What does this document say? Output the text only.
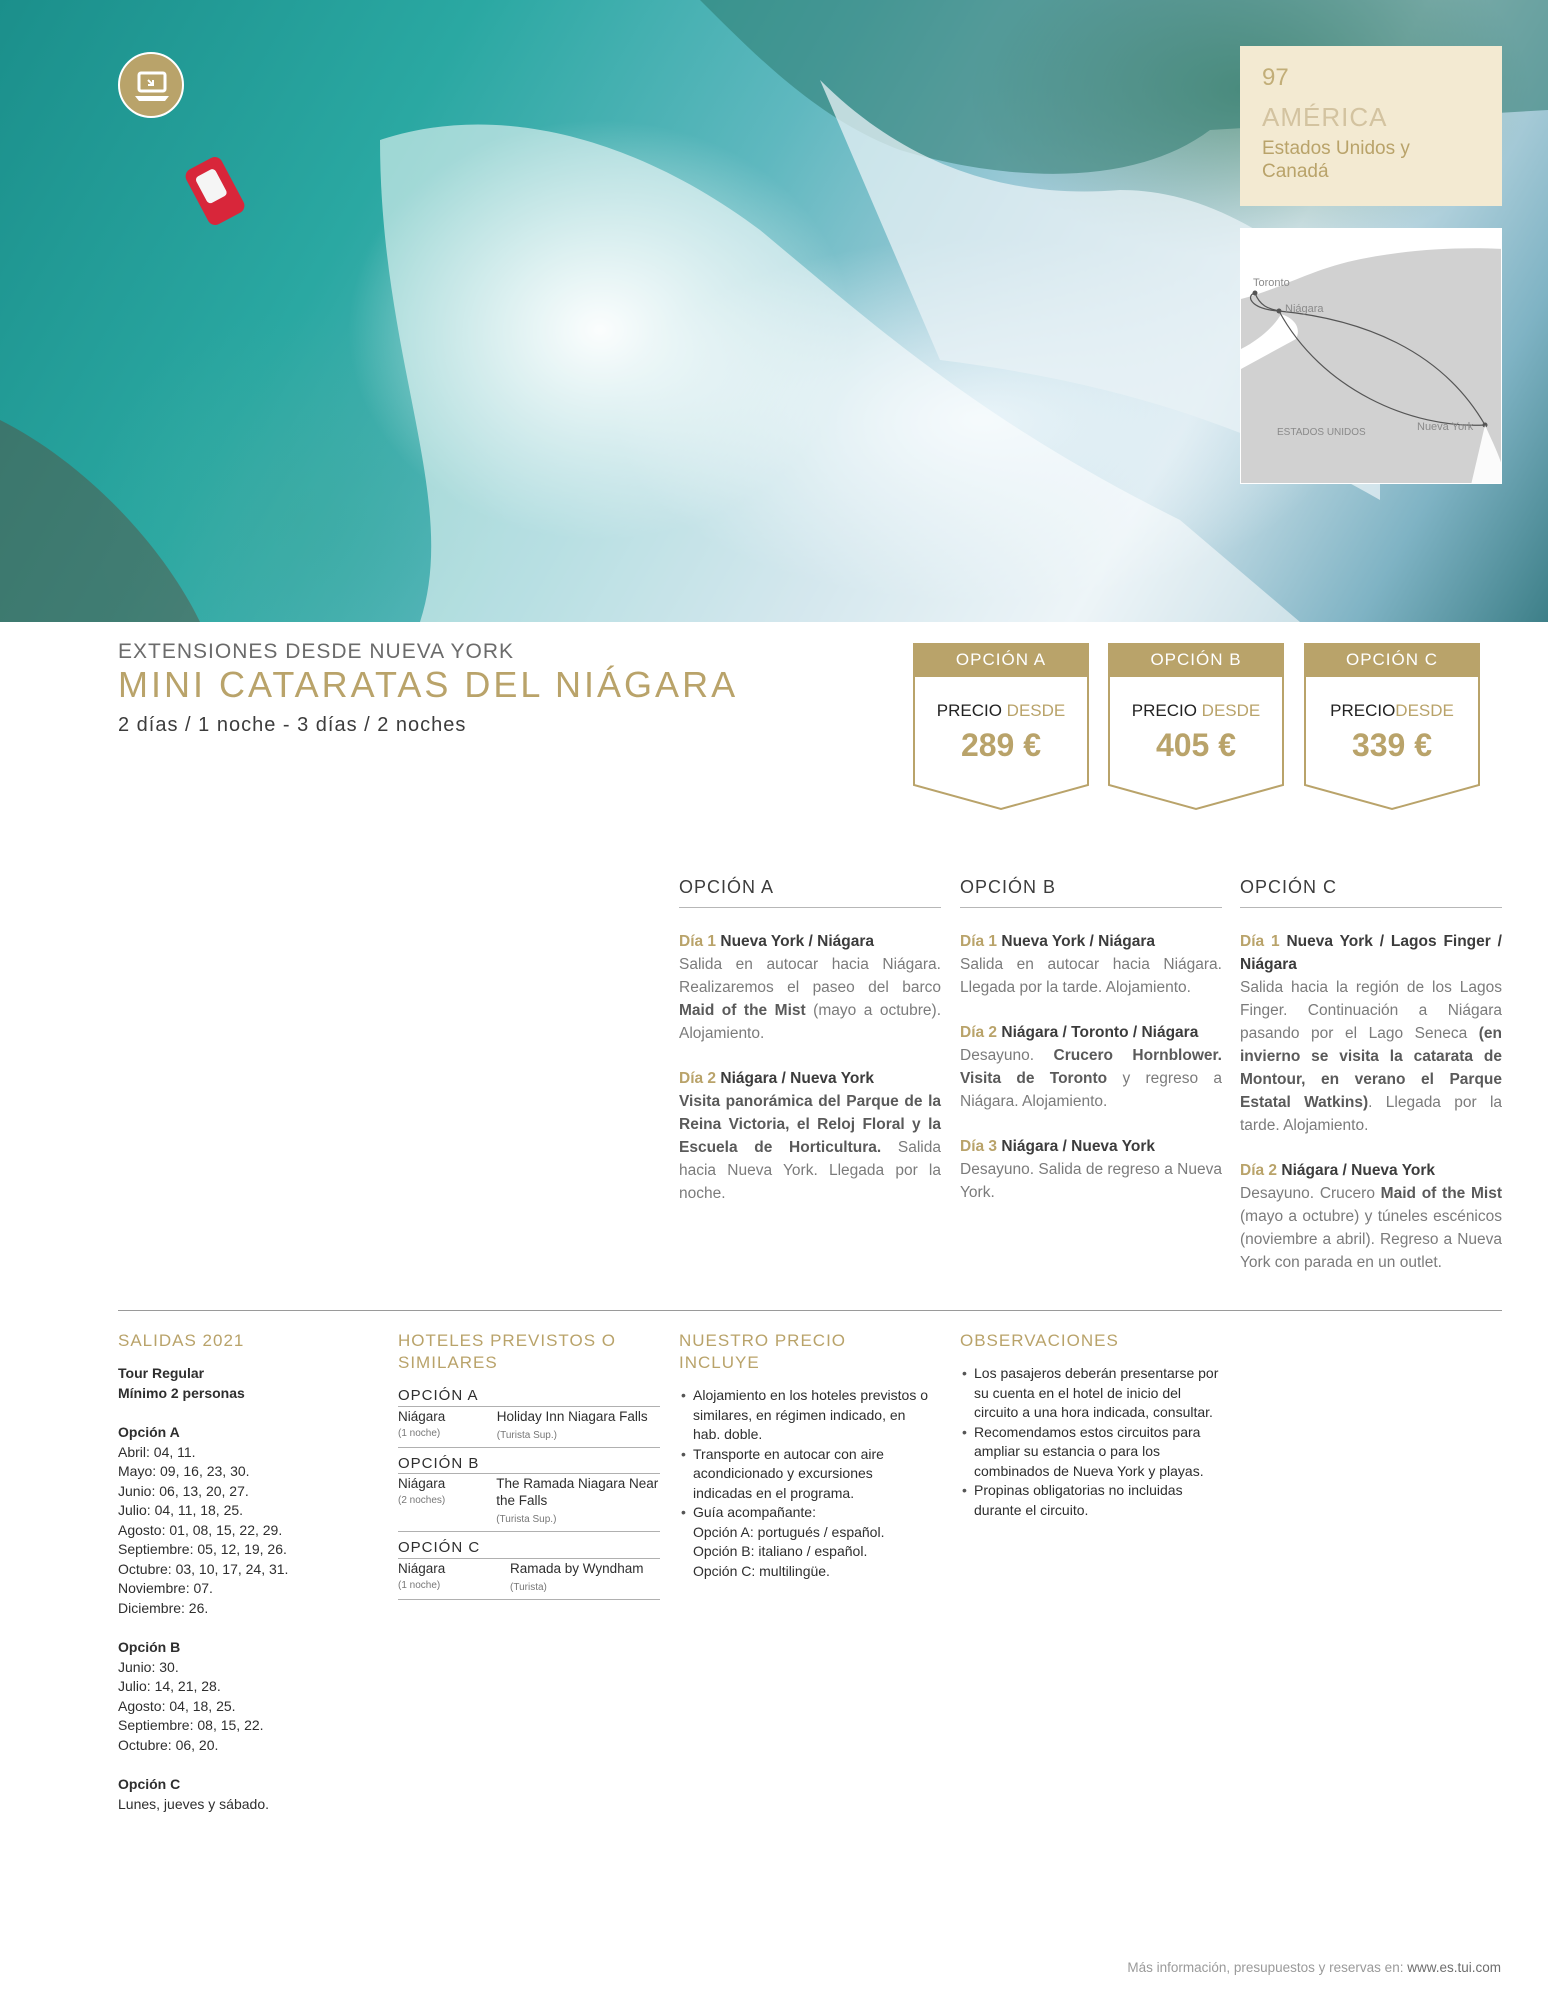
97
AMÉRICA
Estados Unidos y Canadá
Toronto
Niágara
Nueva York
ESTADOS UNIDOS
EXTENSIONES DESDE NUEVA YORK
MINI CATARATAS DEL NIÁGARA
2 días / 1 noche - 3 días / 2 noches
OPCIÓN A
PRECIO DESDE
289 €
OPCIÓN B
PRECIO DESDE
405 €
OPCIÓN C
PRECIODESDE
339 €
OPCIÓN A
Día 1 Nueva York / Niágara
Salida en autocar hacia Niágara. Realizaremos el paseo del barco Maid of the Mist (mayo a octubre). Alojamiento.
Día 2 Niágara / Nueva York
Visita panorámica del Parque de la Reina Victoria, el Reloj Floral y la Escuela de Horticultura. Salida hacia Nueva York. Llegada por la noche.
OPCIÓN B
Día 1 Nueva York / Niágara
Salida en autocar hacia Niágara. Llegada por la tarde. Alojamiento.
Día 2 Niágara / Toronto / Niágara
Desayuno. Crucero Hornblower. Visita de Toronto y regreso a Niágara. Alojamiento.
Día 3 Niágara / Nueva York
Desayuno. Salida de regreso a Nueva York.
OPCIÓN C
Día 1 Nueva York / Lagos Finger / Niágara
Salida hacia la región de los Lagos Finger. Continuación a Niágara pasando por el Lago Seneca (en invierno se visita la catarata de Montour, en verano el Parque Estatal Watkins). Llegada por la tarde. Alojamiento.
Día 2 Niágara / Nueva York
Desayuno. Crucero Maid of the Mist (mayo a octubre) y túneles escénicos (noviembre a abril). Regreso a Nueva York con parada en un outlet.
SALIDAS 2021
Tour Regular
Mínimo 2 personas
Opción A
Abril: 04, 11.
Mayo: 09, 16, 23, 30.
Junio: 06, 13, 20, 27.
Julio: 04, 11, 18, 25.
Agosto: 01, 08, 15, 22, 29.
Septiembre: 05, 12, 19, 26.
Octubre: 03, 10, 17, 24, 31.
Noviembre: 07.
Diciembre: 26.
Opción B
Junio: 30.
Julio: 14, 21, 28.
Agosto: 04, 18, 25.
Septiembre: 08, 15, 22.
Octubre: 06, 20.
Opción C
Lunes, jueves y sábado.
HOTELES PREVISTOS O SIMILARES
OPCIÓN A
Niágara
(1 noche)
Holiday Inn Niagara Falls (Turista Sup.)
OPCIÓN B
Niágara
(2 noches)
The Ramada Niagara Near the Falls
(Turista Sup.)
OPCIÓN C
Niágara
(1 noche)
Ramada by Wyndham (Turista)
NUESTRO PRECIO INCLUYE
• Alojamiento en los hoteles previstos o similares, en régimen indicado, en hab. doble.
• Transporte en autocar con aire acondicionado y excursiones indicadas en el programa.
• Guía acompañante:
Opción A: portugués / español.
Opción B: italiano / español.
Opción C: multilingüe.
OBSERVACIONES
• Los pasajeros deberán presentarse por su cuenta en el hotel de inicio del circuito a una hora indicada, consultar.
• Recomendamos estos circuitos para ampliar su estancia o para los combinados de Nueva York y playas.
• Propinas obligatorias no incluidas durante el circuito.
Más información, presupuestos y reservas en: www.es.tui.com
